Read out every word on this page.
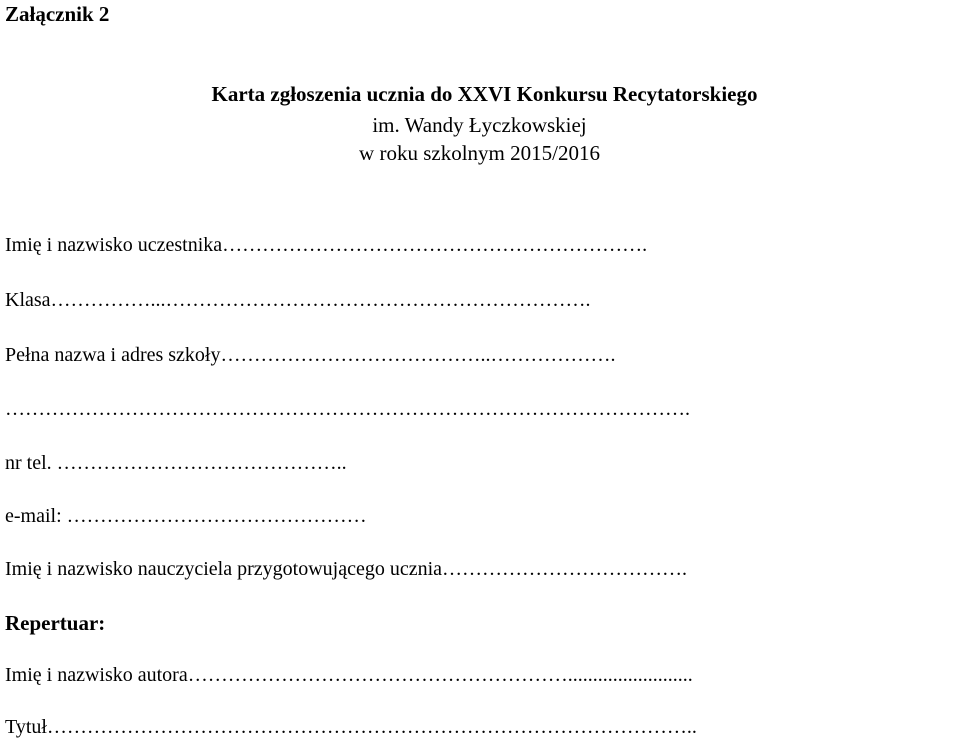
Załącznik 2
Karta zgłoszenia ucznia do XXVI Konkursu Recytatorskiego
im. Wandy Łyczkowskiej
w roku szkolnym 2015/2016
Imię i nazwisko uczestnika……………………………………………………….
Klasa……………...……………………………………………………….
Pełna nazwa i adres szkoły…………………………………..……………….
………………………………………………………………………………………….
nr tel. ……………………………………..
e-mail: ………………………………………
Imię i nazwisko nauczyciela przygotowującego ucznia……………………………….
Repertuar:
Imię i nazwisko autora………………………………………………….........................
Tytuł……………………………………………………………………………………..
